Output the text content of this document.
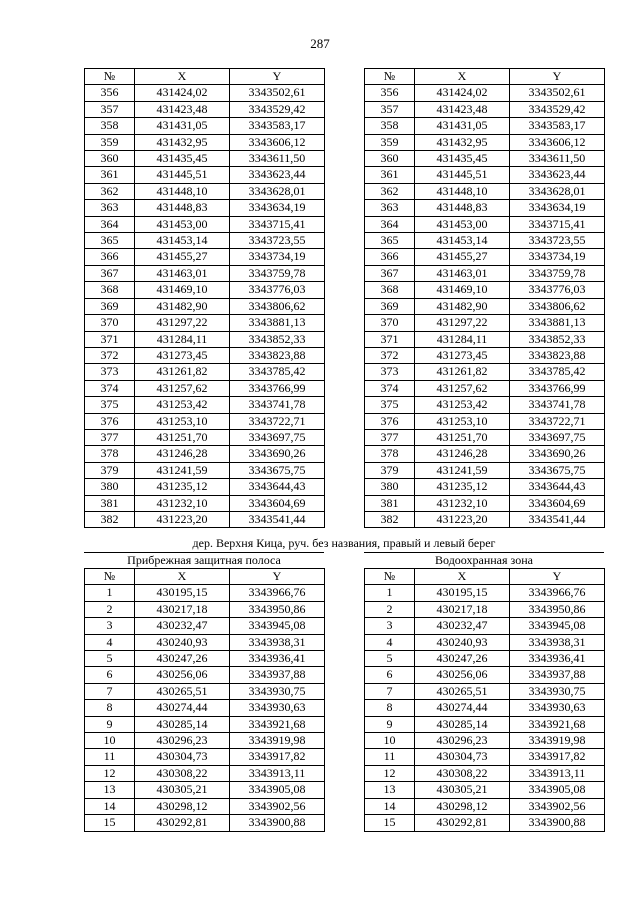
287
№	X	Y
356	431424,02	3343502,61
357	431423,48	3343529,42
358	431431,05	3343583,17
359	431432,95	3343606,12
360	431435,45	3343611,50
361	431445,51	3343623,44
362	431448,10	3343628,01
363	431448,83	3343634,19
364	431453,00	3343715,41
365	431453,14	3343723,55
366	431455,27	3343734,19
367	431463,01	3343759,78
368	431469,10	3343776,03
369	431482,90	3343806,62
370	431297,22	3343881,13
371	431284,11	3343852,33
372	431273,45	3343823,88
373	431261,82	3343785,42
374	431257,62	3343766,99
375	431253,42	3343741,78
376	431253,10	3343722,71
377	431251,70	3343697,75
378	431246,28	3343690,26
379	431241,59	3343675,75
380	431235,12	3343644,43
381	431232,10	3343604,69
382	431223,20	3343541,44
№	X	Y
356	431424,02	3343502,61
357	431423,48	3343529,42
358	431431,05	3343583,17
359	431432,95	3343606,12
360	431435,45	3343611,50
361	431445,51	3343623,44
362	431448,10	3343628,01
363	431448,83	3343634,19
364	431453,00	3343715,41
365	431453,14	3343723,55
366	431455,27	3343734,19
367	431463,01	3343759,78
368	431469,10	3343776,03
369	431482,90	3343806,62
370	431297,22	3343881,13
371	431284,11	3343852,33
372	431273,45	3343823,88
373	431261,82	3343785,42
374	431257,62	3343766,99
375	431253,42	3343741,78
376	431253,10	3343722,71
377	431251,70	3343697,75
378	431246,28	3343690,26
379	431241,59	3343675,75
380	431235,12	3343644,43
381	431232,10	3343604,69
382	431223,20	3343541,44
дер. Верхня Кица, руч. без названия, правый и левый берег
Прибрежная защитная полоса
№	X	Y
1	430195,15	3343966,76
2	430217,18	3343950,86
3	430232,47	3343945,08
4	430240,93	3343938,31
5	430247,26	3343936,41
6	430256,06	3343937,88
7	430265,51	3343930,75
8	430274,44	3343930,63
9	430285,14	3343921,68
10	430296,23	3343919,98
11	430304,73	3343917,82
12	430308,22	3343913,11
13	430305,21	3343905,08
14	430298,12	3343902,56
15	430292,81	3343900,88
Водоохранная зона
№	X	Y
1	430195,15	3343966,76
2	430217,18	3343950,86
3	430232,47	3343945,08
4	430240,93	3343938,31
5	430247,26	3343936,41
6	430256,06	3343937,88
7	430265,51	3343930,75
8	430274,44	3343930,63
9	430285,14	3343921,68
10	430296,23	3343919,98
11	430304,73	3343917,82
12	430308,22	3343913,11
13	430305,21	3343905,08
14	430298,12	3343902,56
15	430292,81	3343900,88
